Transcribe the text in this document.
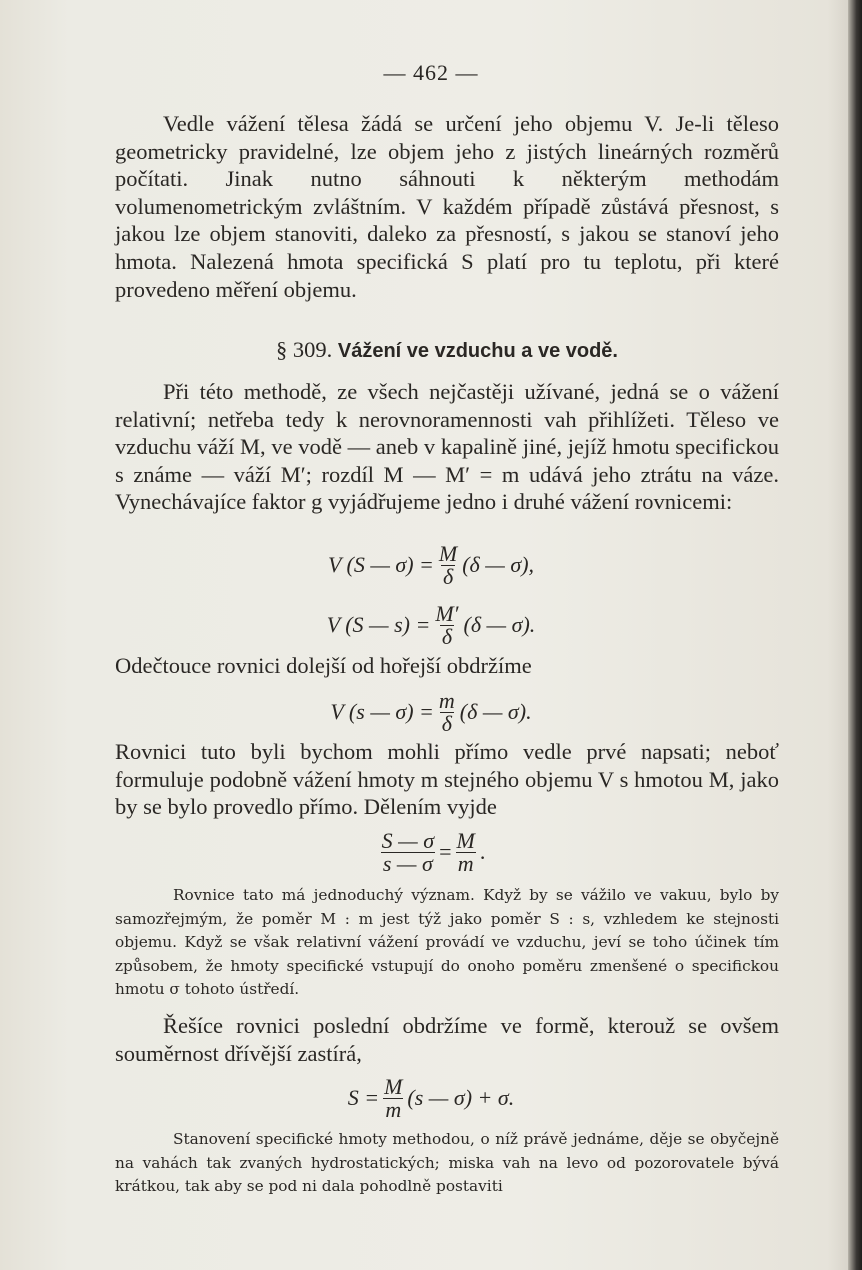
— 462 —

Vedle vážení tělesa žádá se určení jeho objemu V. Je-li těleso geometricky pravidelné, lze objem jeho z jistých lineárných rozměrů počítati. Jinak nutno sáhnouti k některým methodám volumenometrickým zvláštním. V každém případě zůstává přesnost, s jakou lze objem stanoviti, daleko za přesností, s jakou se stanoví jeho hmota. Nalezená hmota specifická S platí pro tu teplotu, při které provedeno měření objemu.

§ 309. Vážení ve vzduchu a ve vodě.

Při této methodě, ze všech nejčastěji užívané, jedná se o vážení relativní; netřeba tedy k nerovnoramennosti vah přihlížeti. Těleso ve vzduchu váží M, ve vodě — aneb v kapalině jiné, jejíž hmotu specifickou s známe — váží M′; rozdíl M — M′ = m udává jeho ztrátu na váze. Vynechávajíce faktor g vyjádřujeme jedno i druhé vážení rovnicemi:

V (S — $\sigma) = \frac{M}{\delta} (\delta$ — σ),
V (S — $s) = \frac{M'}{\delta} (\delta$ — σ).

Odečtouce rovnici dolejší od hořejší obdržíme

V (s — $\sigma) = \frac{m}{\delta} (\delta$ — σ).

Rovnici tuto byli bychom mohli přímo vedle prvé napsati; neboť formuluje podobně vážení hmoty m stejného objemu V s hmotou M, jako by se bylo provedlo přímo. Dělením vyjde

$\frac{S — \sigma}{s — \sigma} = \frac{M}{m}$ .

Rovnice tato má jednoduchý význam. Když by se vážilo ve vakuu, bylo by samozřejmým, že poměr M : m jest týž jako poměr S : s, vzhledem ke stejnosti objemu. Když se však relativní vážení provádí ve vzduchu, jeví se toho účinek tím způsobem, že hmoty specifické vstupují do onoho poměru zmenšené o specifickou hmotu σ tohoto ústředí.

Řešíce rovnici poslední obdržíme ve formě, kterouž se ovšem souměrnost dřívější zastírá,

$S = \frac{M}{m} (s$ — σ) + σ.

Stanovení specifické hmoty methodou, o níž právě jednáme, děje se obyčejně na vahách tak zvaných hydrostatických; miska vah na levo od pozorovatele bývá krátkou, tak aby se pod ni dala pohodlně postaviti
